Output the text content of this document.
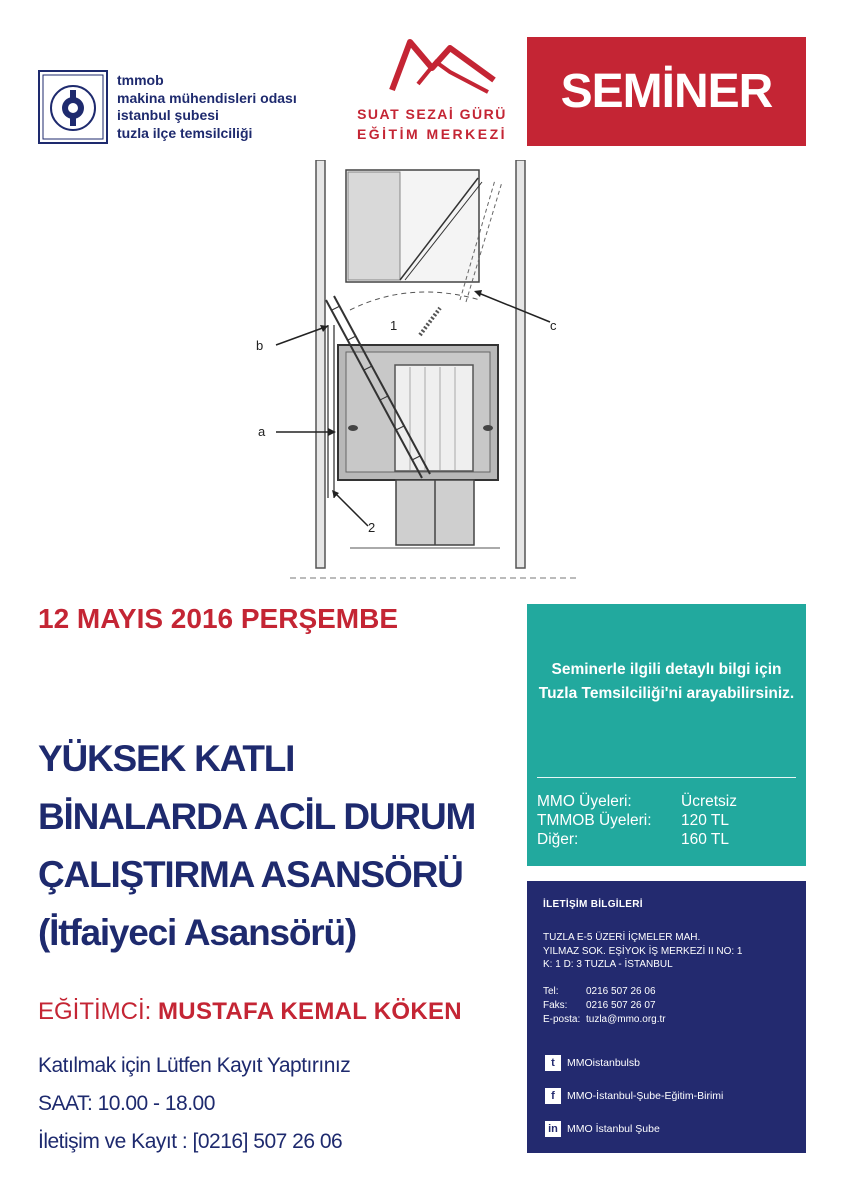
tmmob
makina mühendisleri odası
istanbul şubesi
tuzla ilçe temsilciliği
SUAT SEZAİ GÜRÜ
EĞİTİM MERKEZİ
SEMİNER
b
a
c
1
2
12 MAYIS 2016 PERŞEMBE
YÜKSEK KATLI
BİNALARDA ACİL DURUM
ÇALIŞTIRMA ASANSÖRÜ
(İtfaiyeci Asansörü)
EĞİTİMCİ: MUSTAFA KEMAL KÖKEN
Katılmak için Lütfen Kayıt Yaptırınız
SAAT: 10.00 - 18.00
İletişim ve Kayıt : [0216] 507 26 06
Seminerle ilgili detaylı bilgi için Tuzla Temsilciliği'ni arayabilirsiniz.
MMO Üyeleri:	Ücretsiz
TMMOB Üyeleri:	120 TL
Diğer:	160 TL
İLETİŞİM BİLGİLERİ
TUZLA E-5 ÜZERİ İÇMELER MAH.
YILMAZ SOK. EŞİYOK İŞ MERKEZİ II NO: 1
K: 1 D: 3 TUZLA - İSTANBUL
Tel:	0216 507 26 06
Faks:	0216 507 26 07
E-posta: tuzla@mmo.org.tr
t	MMOistanbulsb
f	MMO-İstanbul-Şube-Eğitim-Birimi
in MMO İstanbul Şube
